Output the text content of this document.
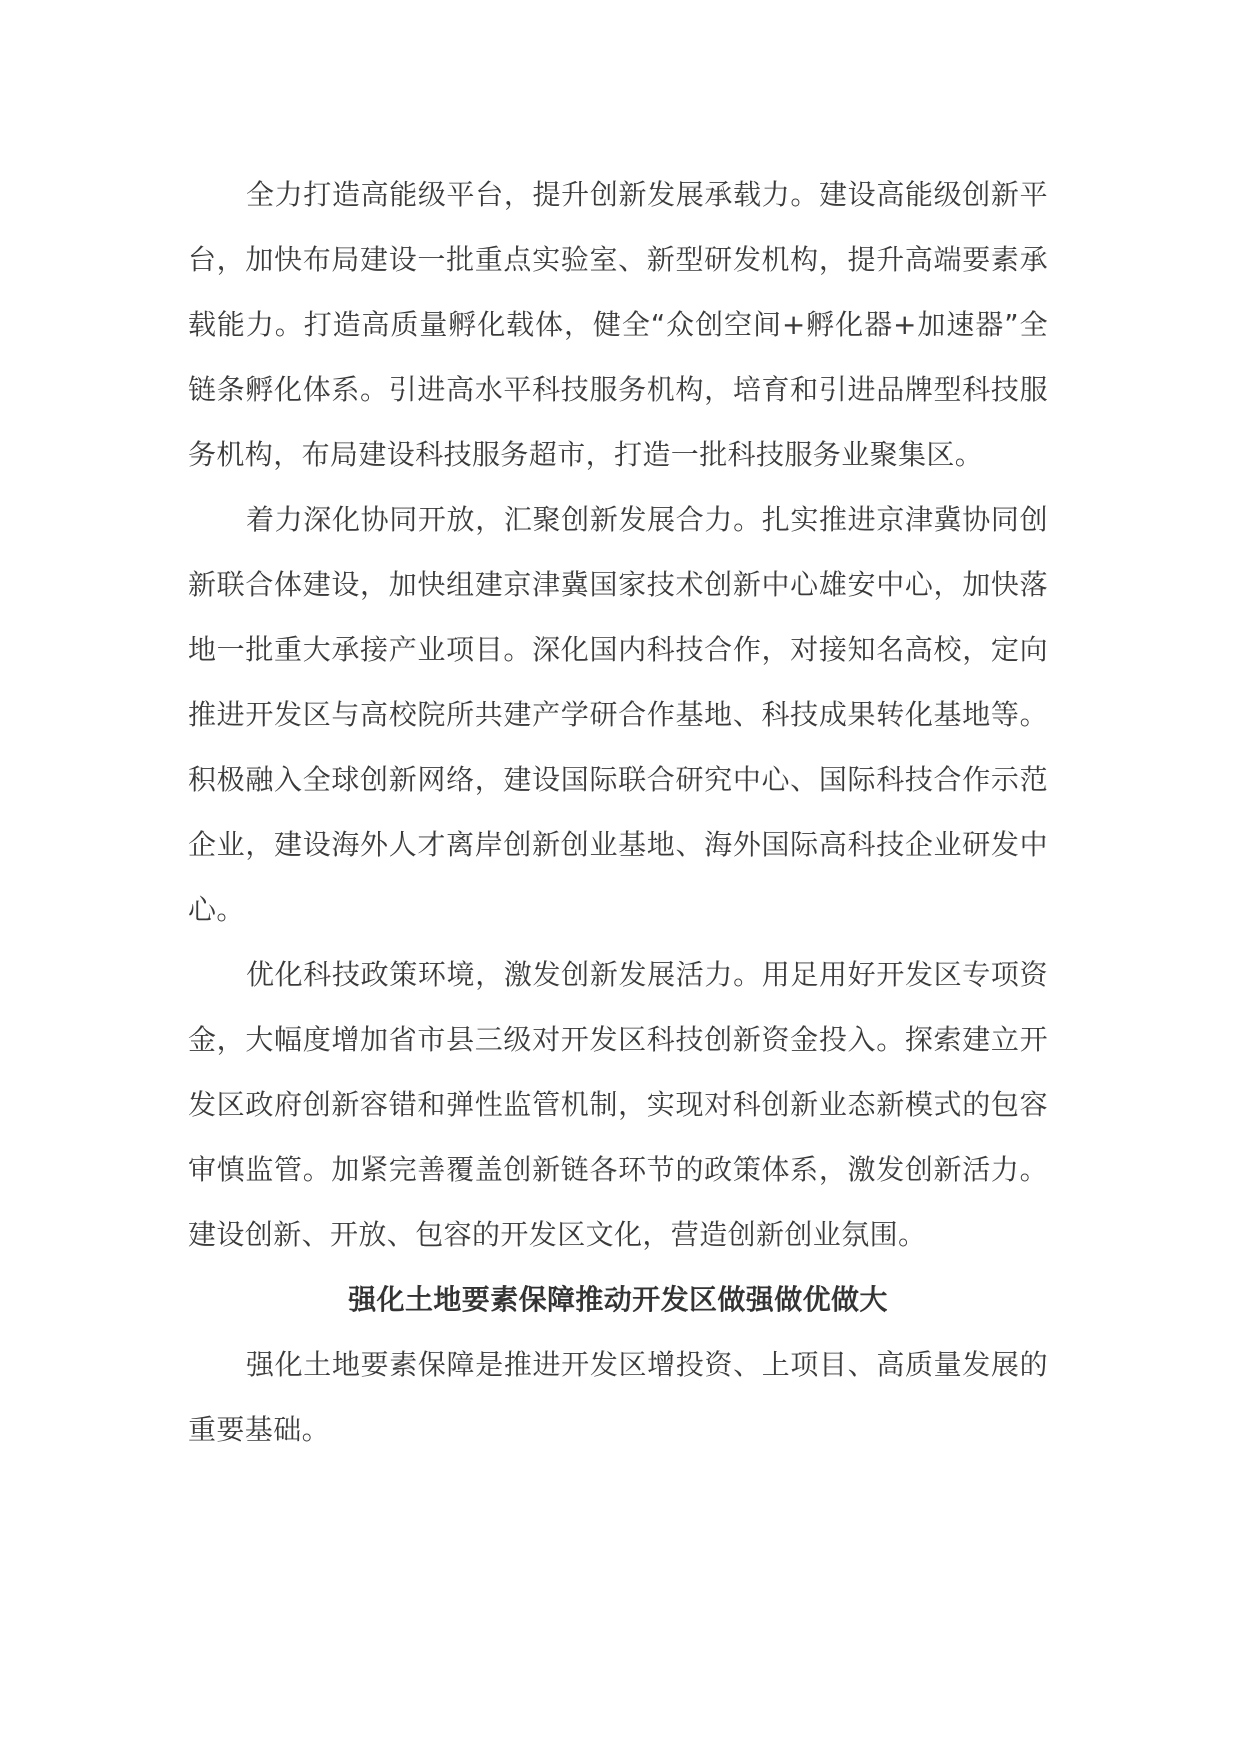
全力打造高能级平台，提升创新发展承载力。建设高能级创新平台，加快布局建设一批重点实验室、新型研发机构，提升高端要素承载能力。打造高质量孵化载体，健全“众创空间+孵化器+加速器”全链条孵化体系。引进高水平科技服务机构，培育和引进品牌型科技服务机构，布局建设科技服务超市，打造一批科技服务业聚集区。

着力深化协同开放，汇聚创新发展合力。扎实推进京津冀协同创新联合体建设，加快组建京津冀国家技术创新中心雄安中心，加快落地一批重大承接产业项目。深化国内科技合作，对接知名高校，定向推进开发区与高校院所共建产学研合作基地、科技成果转化基地等。积极融入全球创新网络，建设国际联合研究中心、国际科技合作示范企业，建设海外人才离岸创新创业基地、海外国际高科技企业研发中心。

优化科技政策环境，激发创新发展活力。用足用好开发区专项资金，大幅度增加省市县三级对开发区科技创新资金投入。探索建立开发区政府创新容错和弹性监管机制，实现对科创新业态新模式的包容审慎监管。加紧完善覆盖创新链各环节的政策体系，激发创新活力。建设创新、开放、包容的开发区文化，营造创新创业氛围。

强化土地要素保障推动开发区做强做优做大

强化土地要素保障是推进开发区增投资、上项目、高质量发展的重要基础。
